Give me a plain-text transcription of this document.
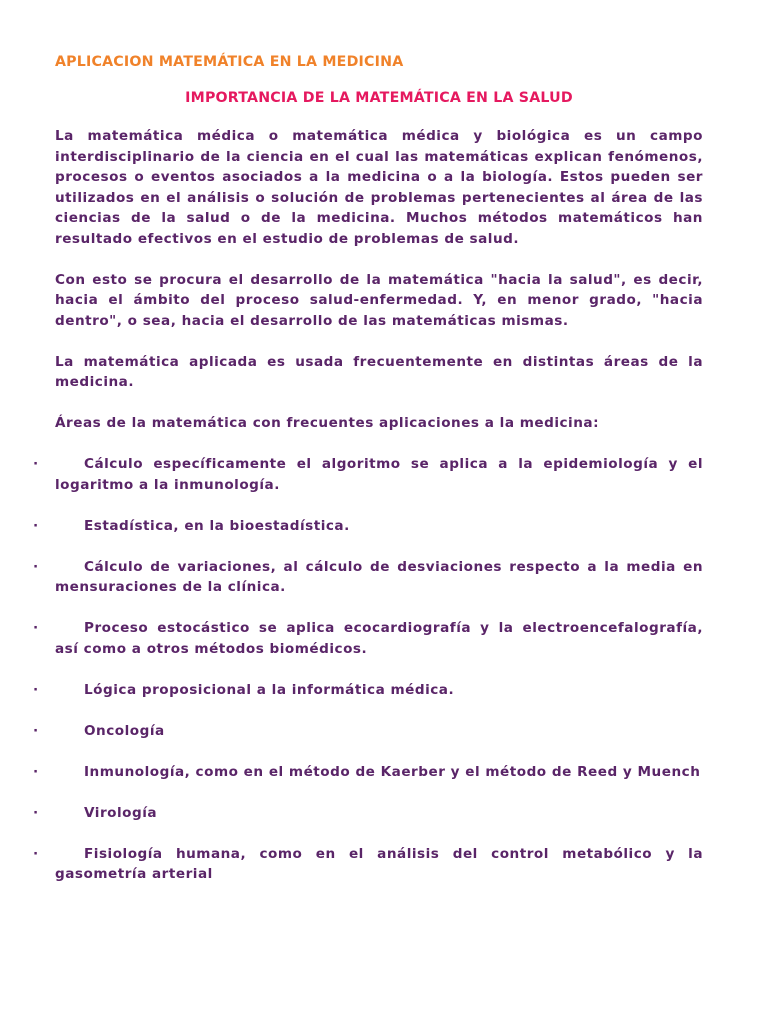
APLICACION MATEMÁTICA EN LA MEDICINA
IMPORTANCIA DE LA MATEMÁTICA EN LA SALUD

La matemática médica o matemática médica y biológica es un campo interdisciplinario de la ciencia en el cual las matemáticas explican fenómenos, procesos o eventos asociados a la medicina o a la biología. Estos pueden ser utilizados en el análisis o solución de problemas pertenecientes al área de las ciencias de la salud o de la medicina. Muchos métodos matemáticos han resultado efectivos en el estudio de problemas de salud.

Con esto se procura el desarrollo de la matemática "hacia la salud", es decir, hacia el ámbito del proceso salud-enfermedad. Y, en menor grado, "hacia dentro", o sea, hacia el desarrollo de las matemáticas mismas.

La matemática aplicada es usada frecuentemente en distintas áreas de la medicina.

Áreas de la matemática con frecuentes aplicaciones a la medicina:

·	Cálculo específicamente el algoritmo se aplica a la epidemiología y el logaritmo a la inmunología.
·	Estadística, en la bioestadística.
·	Cálculo de variaciones, al cálculo de desviaciones respecto a la media en mensuraciones de la clínica.
·	Proceso estocástico se aplica ecocardiografía y la electroencefalografía, así como a otros métodos biomédicos.
·	Lógica proposicional a la informática médica.
·	Oncología
·	Inmunología, como en el método de Kaerber y el método de Reed y Muench
·	Virología
·	Fisiología humana, como en el análisis del control metabólico y la gasometría arterial
